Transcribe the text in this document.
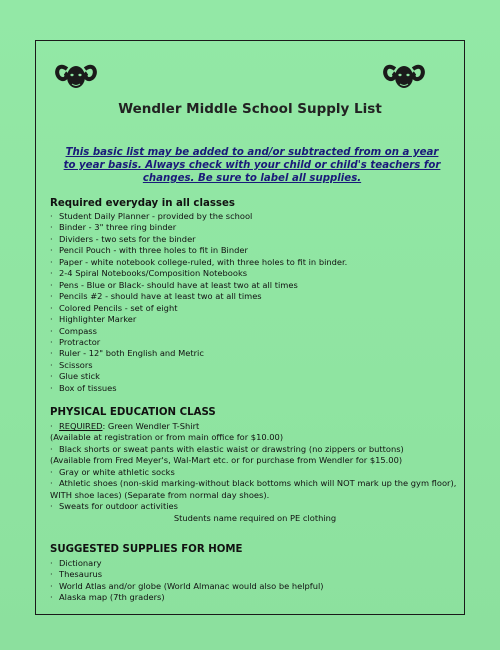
Wendler Middle School Supply List
This basic list may be added to and/or subtracted from on a year to year basis. Always check with your child or child's teachers for changes. Be sure to label all supplies.
Required everyday in all classes
· Student Daily Planner - provided by the school
· Binder - 3" three ring binder
· Dividers - two sets for the binder
· Pencil Pouch - with three holes to fit in Binder
· Paper - white notebook college-ruled, with three holes to fit in binder.
· 2-4 Spiral Notebooks/Composition Notebooks
· Pens - Blue or Black- should have at least two at all times
· Pencils #2 - should have at least two at all times
· Colored Pencils - set of eight
· Highlighter Marker
· Compass
· Protractor
· Ruler - 12" both English and Metric
· Scissors
· Glue stick
· Box of tissues
PHYSICAL EDUCATION CLASS
· REQUIRED: Green Wendler T-Shirt
(Available at registration or from main office for $10.00)
· Black shorts or sweat pants with elastic waist or drawstring (no zippers or buttons)
(Available from Fred Meyer's, Wal-Mart etc. or for purchase from Wendler for $15.00)
· Gray or white athletic socks
· Athletic shoes (non-skid marking-without black bottoms which will NOT mark up the gym floor), WITH shoe laces) (Separate from normal day shoes).
· Sweats for outdoor activities
Students name required on PE clothing
SUGGESTED SUPPLIES FOR HOME
· Dictionary
· Thesaurus
· World Atlas and/or globe (World Almanac would also be helpful)
· Alaska map (7th graders)
